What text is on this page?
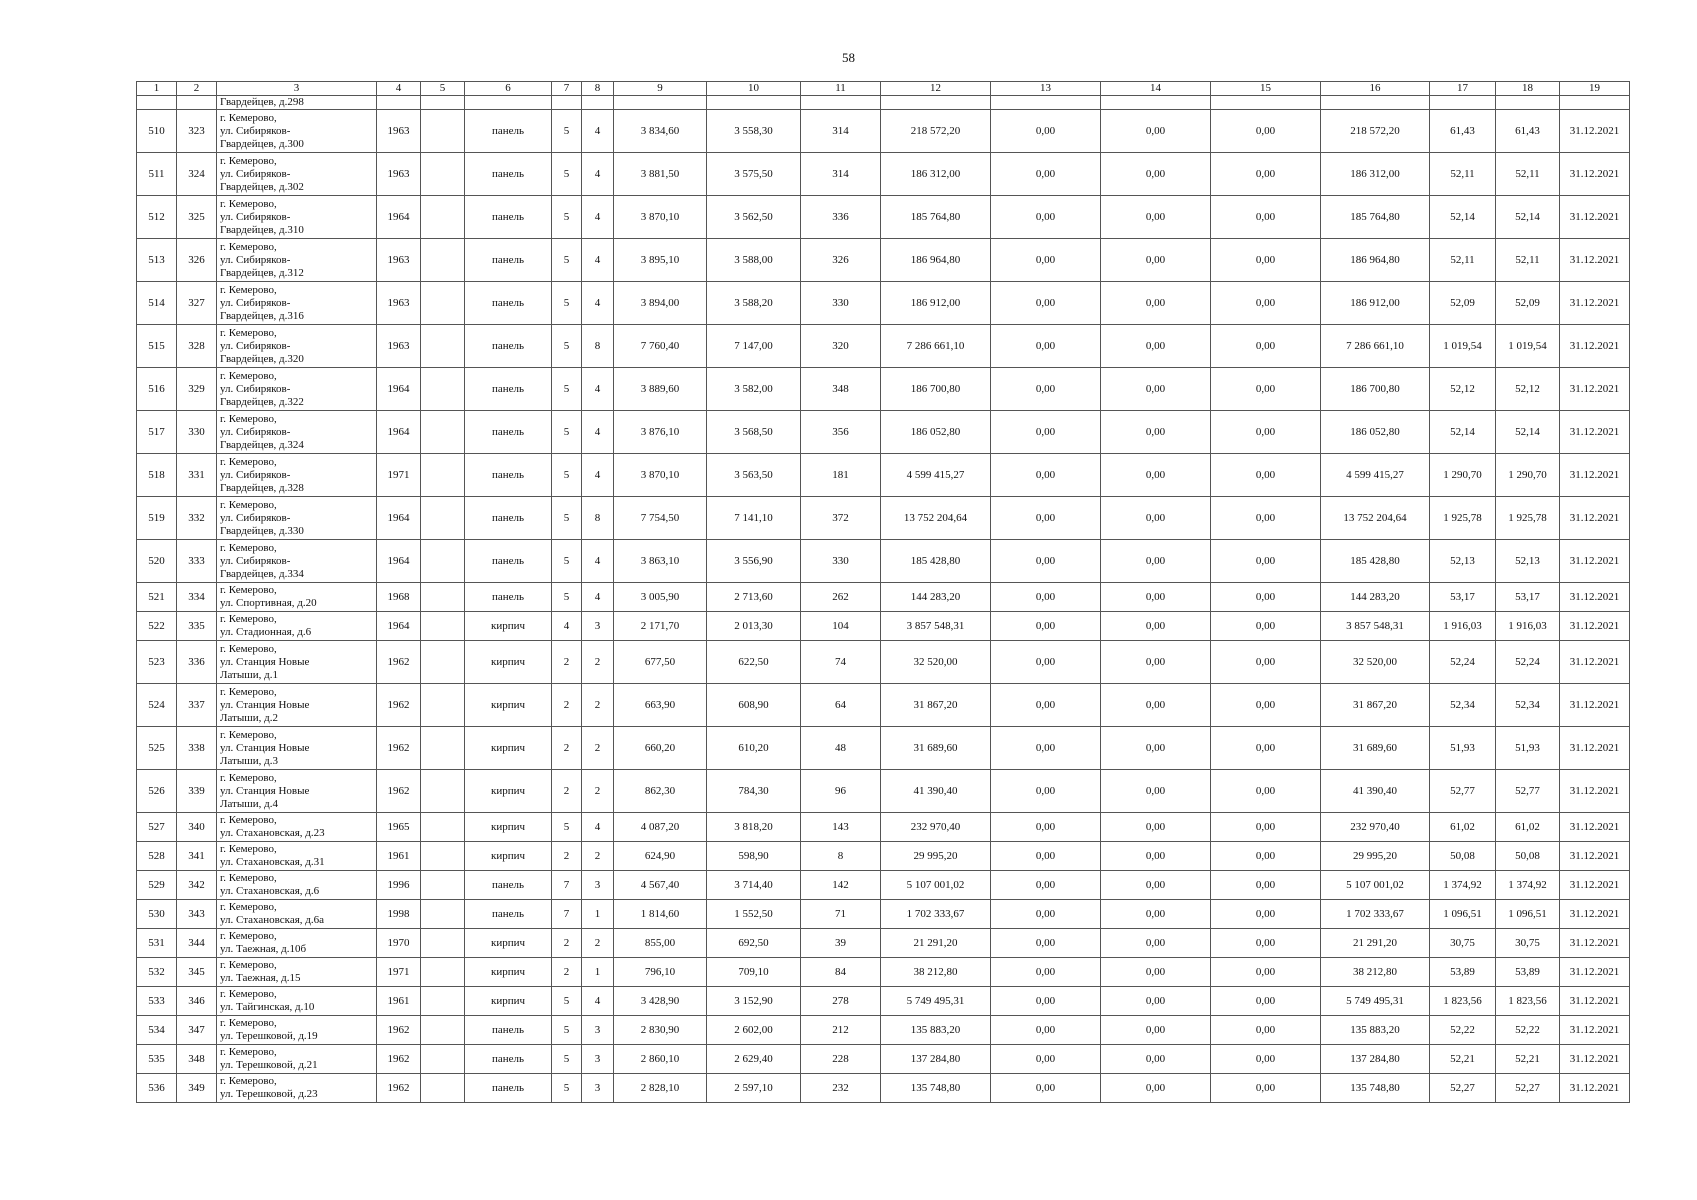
58
1	2	3	4	5	6	7	8	9	10	11	12	13	14	15	16	17	18	19
		Гвардейцев, д.298																
510	323	г. Кемерово,
ул. Сибиряков-
Гвардейцев, д.300	1963		панель	5	4	3 834,60	3 558,30	314	218 572,20	0,00	0,00	0,00	218 572,20	61,43	61,43	31.12.2021
511	324	г. Кемерово,
ул. Сибиряков-
Гвардейцев, д.302	1963		панель	5	4	3 881,50	3 575,50	314	186 312,00	0,00	0,00	0,00	186 312,00	52,11	52,11	31.12.2021
512	325	г. Кемерово,
ул. Сибиряков-
Гвардейцев, д.310	1964		панель	5	4	3 870,10	3 562,50	336	185 764,80	0,00	0,00	0,00	185 764,80	52,14	52,14	31.12.2021
513	326	г. Кемерово,
ул. Сибиряков-
Гвардейцев, д.312	1963		панель	5	4	3 895,10	3 588,00	326	186 964,80	0,00	0,00	0,00	186 964,80	52,11	52,11	31.12.2021
514	327	г. Кемерово,
ул. Сибиряков-
Гвардейцев, д.316	1963		панель	5	4	3 894,00	3 588,20	330	186 912,00	0,00	0,00	0,00	186 912,00	52,09	52,09	31.12.2021
515	328	г. Кемерово,
ул. Сибиряков-
Гвардейцев, д.320	1963		панель	5	8	7 760,40	7 147,00	320	7 286 661,10	0,00	0,00	0,00	7 286 661,10	1 019,54	1 019,54	31.12.2021
516	329	г. Кемерово,
ул. Сибиряков-
Гвардейцев, д.322	1964		панель	5	4	3 889,60	3 582,00	348	186 700,80	0,00	0,00	0,00	186 700,80	52,12	52,12	31.12.2021
517	330	г. Кемерово,
ул. Сибиряков-
Гвардейцев, д.324	1964		панель	5	4	3 876,10	3 568,50	356	186 052,80	0,00	0,00	0,00	186 052,80	52,14	52,14	31.12.2021
518	331	г. Кемерово,
ул. Сибиряков-
Гвардейцев, д.328	1971		панель	5	4	3 870,10	3 563,50	181	4 599 415,27	0,00	0,00	0,00	4 599 415,27	1 290,70	1 290,70	31.12.2021
519	332	г. Кемерово,
ул. Сибиряков-
Гвардейцев, д.330	1964		панель	5	8	7 754,50	7 141,10	372	13 752 204,64	0,00	0,00	0,00	13 752 204,64	1 925,78	1 925,78	31.12.2021
520	333	г. Кемерово,
ул. Сибиряков-
Гвардейцев, д.334	1964		панель	5	4	3 863,10	3 556,90	330	185 428,80	0,00	0,00	0,00	185 428,80	52,13	52,13	31.12.2021
521	334	г. Кемерово,
ул. Спортивная, д.20	1968		панель	5	4	3 005,90	2 713,60	262	144 283,20	0,00	0,00	0,00	144 283,20	53,17	53,17	31.12.2021
522	335	г. Кемерово,
ул. Стадионная, д.6	1964		кирпич	4	3	2 171,70	2 013,30	104	3 857 548,31	0,00	0,00	0,00	3 857 548,31	1 916,03	1 916,03	31.12.2021
523	336	г. Кемерово,
ул. Станция Новые
Латыши, д.1	1962		кирпич	2	2	677,50	622,50	74	32 520,00	0,00	0,00	0,00	32 520,00	52,24	52,24	31.12.2021
524	337	г. Кемерово,
ул. Станция Новые
Латыши, д.2	1962		кирпич	2	2	663,90	608,90	64	31 867,20	0,00	0,00	0,00	31 867,20	52,34	52,34	31.12.2021
525	338	г. Кемерово,
ул. Станция Новые
Латыши, д.3	1962		кирпич	2	2	660,20	610,20	48	31 689,60	0,00	0,00	0,00	31 689,60	51,93	51,93	31.12.2021
526	339	г. Кемерово,
ул. Станция Новые
Латыши, д.4	1962		кирпич	2	2	862,30	784,30	96	41 390,40	0,00	0,00	0,00	41 390,40	52,77	52,77	31.12.2021
527	340	г. Кемерово,
ул. Стахановская, д.23	1965		кирпич	5	4	4 087,20	3 818,20	143	232 970,40	0,00	0,00	0,00	232 970,40	61,02	61,02	31.12.2021
528	341	г. Кемерово,
ул. Стахановская, д.31	1961		кирпич	2	2	624,90	598,90	8	29 995,20	0,00	0,00	0,00	29 995,20	50,08	50,08	31.12.2021
529	342	г. Кемерово,
ул. Стахановская, д.6	1996		панель	7	3	4 567,40	3 714,40	142	5 107 001,02	0,00	0,00	0,00	5 107 001,02	1 374,92	1 374,92	31.12.2021
530	343	г. Кемерово,
ул. Стахановская, д.6а	1998		панель	7	1	1 814,60	1 552,50	71	1 702 333,67	0,00	0,00	0,00	1 702 333,67	1 096,51	1 096,51	31.12.2021
531	344	г. Кемерово,
ул. Таежная, д.10б	1970		кирпич	2	2	855,00	692,50	39	21 291,20	0,00	0,00	0,00	21 291,20	30,75	30,75	31.12.2021
532	345	г. Кемерово,
ул. Таежная, д.15	1971		кирпич	2	1	796,10	709,10	84	38 212,80	0,00	0,00	0,00	38 212,80	53,89	53,89	31.12.2021
533	346	г. Кемерово,
ул. Тайгинская, д.10	1961		кирпич	5	4	3 428,90	3 152,90	278	5 749 495,31	0,00	0,00	0,00	5 749 495,31	1 823,56	1 823,56	31.12.2021
534	347	г. Кемерово,
ул. Терешковой, д.19	1962		панель	5	3	2 830,90	2 602,00	212	135 883,20	0,00	0,00	0,00	135 883,20	52,22	52,22	31.12.2021
535	348	г. Кемерово,
ул. Терешковой, д.21	1962		панель	5	3	2 860,10	2 629,40	228	137 284,80	0,00	0,00	0,00	137 284,80	52,21	52,21	31.12.2021
536	349	г. Кемерово,
ул. Терешковой, д.23	1962		панель	5	3	2 828,10	2 597,10	232	135 748,80	0,00	0,00	0,00	135 748,80	52,27	52,27	31.12.2021
